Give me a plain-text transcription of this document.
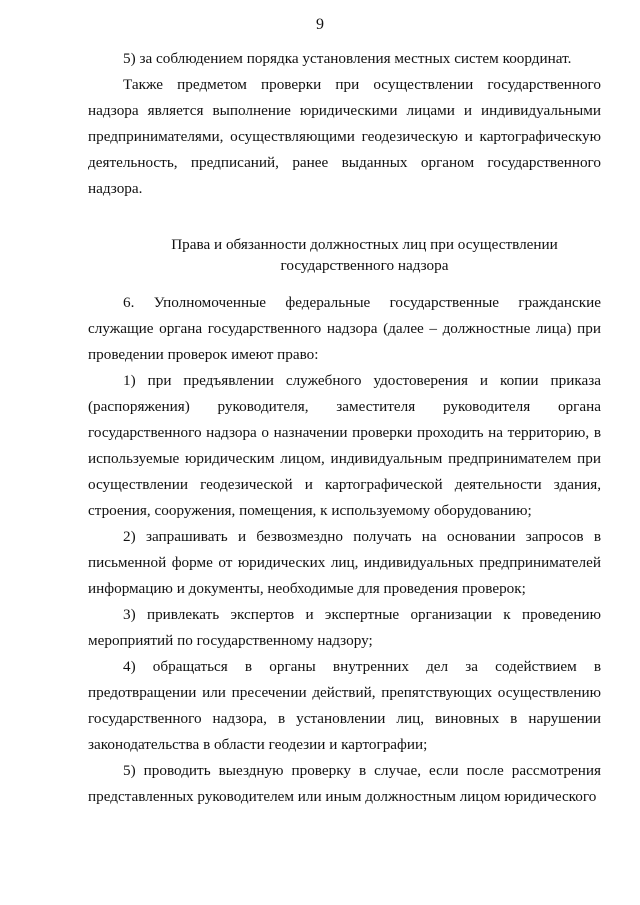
9

5) за соблюдением порядка установления местных систем координат.

Также предметом проверки при осуществлении государственного надзора является выполнение юридическими лицами и индивидуальными предпринимателями, осуществляющими геодезическую и картографическую деятельность, предписаний, ранее выданных органом государственного надзора.

Права и обязанности должностных лиц при осуществлении
государственного надзора

6. Уполномоченные федеральные государственные гражданские служащие органа государственного надзора (далее – должностные лица) при проведении проверок имеют право:

1) при предъявлении служебного удостоверения и копии приказа (распоряжения) руководителя, заместителя руководителя органа государственного надзора о назначении проверки проходить на территорию, в используемые юридическим лицом, индивидуальным предпринимателем при осуществлении геодезической и картографической деятельности здания, строения, сооружения, помещения, к используемому оборудованию;

2) запрашивать и безвозмездно получать на основании запросов в письменной форме от юридических лиц, индивидуальных предпринимателей информацию и документы, необходимые для проведения проверок;

3) привлекать экспертов и экспертные организации к проведению мероприятий по государственному надзору;

4) обращаться в органы внутренних дел за содействием в предотвращении или пресечении действий, препятствующих осуществлению государственного надзора, в установлении лиц, виновных в нарушении законодательства в области геодезии и картографии;

5) проводить выездную проверку в случае, если после рассмотрения представленных руководителем или иным должностным лицом юридического
